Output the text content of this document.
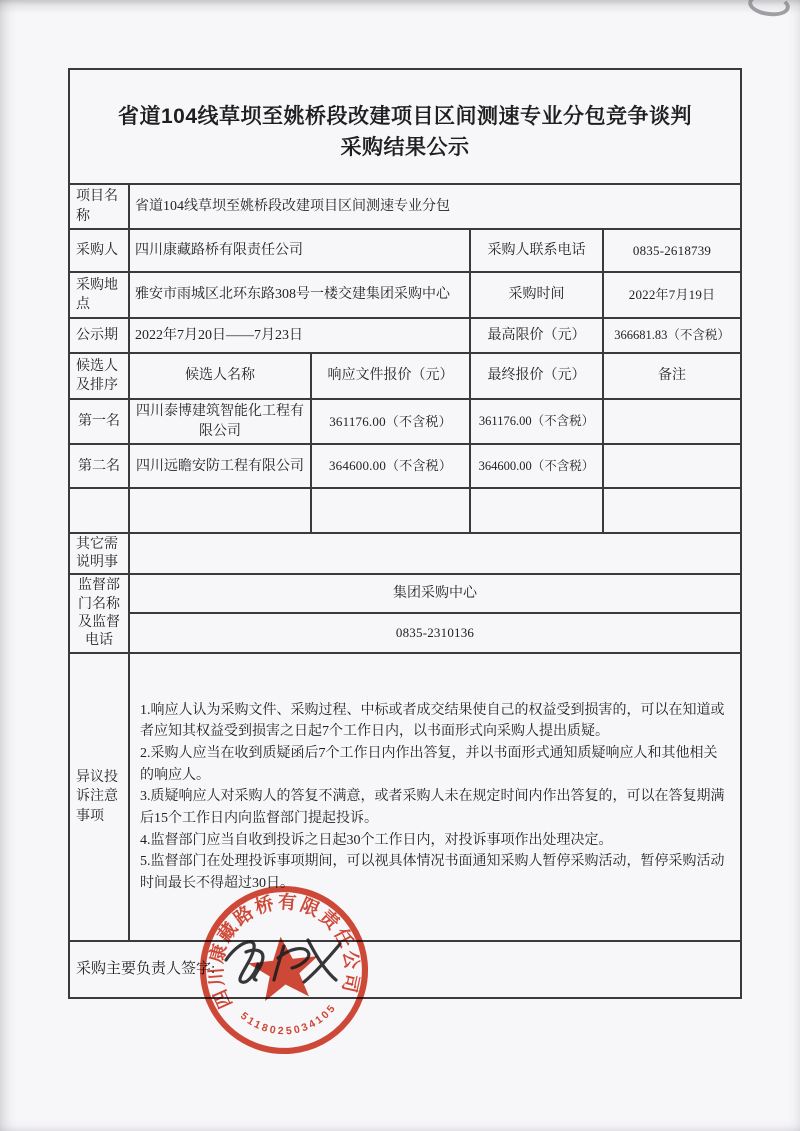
省道104线草坝至姚桥段改建项目区间测速专业分包竞争谈判
采购结果公示				

项目名称	省道104线草坝至姚桥段改建项目区间测速专业分包			
采购人	四川康藏路桥有限责任公司		采购人联系电话	0835-2618739
采购地点	雅安市雨城区北环东路308号一楼交建集团采购中心		采购时间	2022年7月19日
公示期	2022年7月20日——7月23日		最高限价（元）	366681.83（不含税）
候选人及排序	候选人名称	响应文件报价（元）	最终报价（元）	备注
第一名	四川泰博建筑智能化工程有限公司	361176.00（不含税）	361176.00（不含税）	
第二名	四川远瞻安防工程有限公司	364600.00（不含税）	364600.00（不含税）	

其它需说明事				
监督部门名称及监督电话	集团采购中心			
	0835-2310136			
异议投诉注意事项	1.响应人认为采购文件、采购过程、中标或者成交结果使自己的权益受到损害的，可以在知道或者应知其权益受到损害之日起7个工作日内，以书面形式向采购人提出质疑。

2.采购人应当在收到质疑函后7个工作日内作出答复，并以书面形式通知质疑响应人和其他相关的响应人。

3.质疑响应人对采购人的答复不满意，或者采购人未在规定时间内作出答复的，可以在答复期满后15个工作日内向监督部门提起投诉。

4.监督部门应当自收到投诉之日起30个工作日内，对投诉事项作出处理决定。

5.监督部门在处理投诉事项期间，可以视具体情况书面通知采购人暂停采购活动，暂停采购活动时间最长不得超过30日。			

采购主要负责人签字:				
四川康藏路桥有限责任公司
5118025034105
